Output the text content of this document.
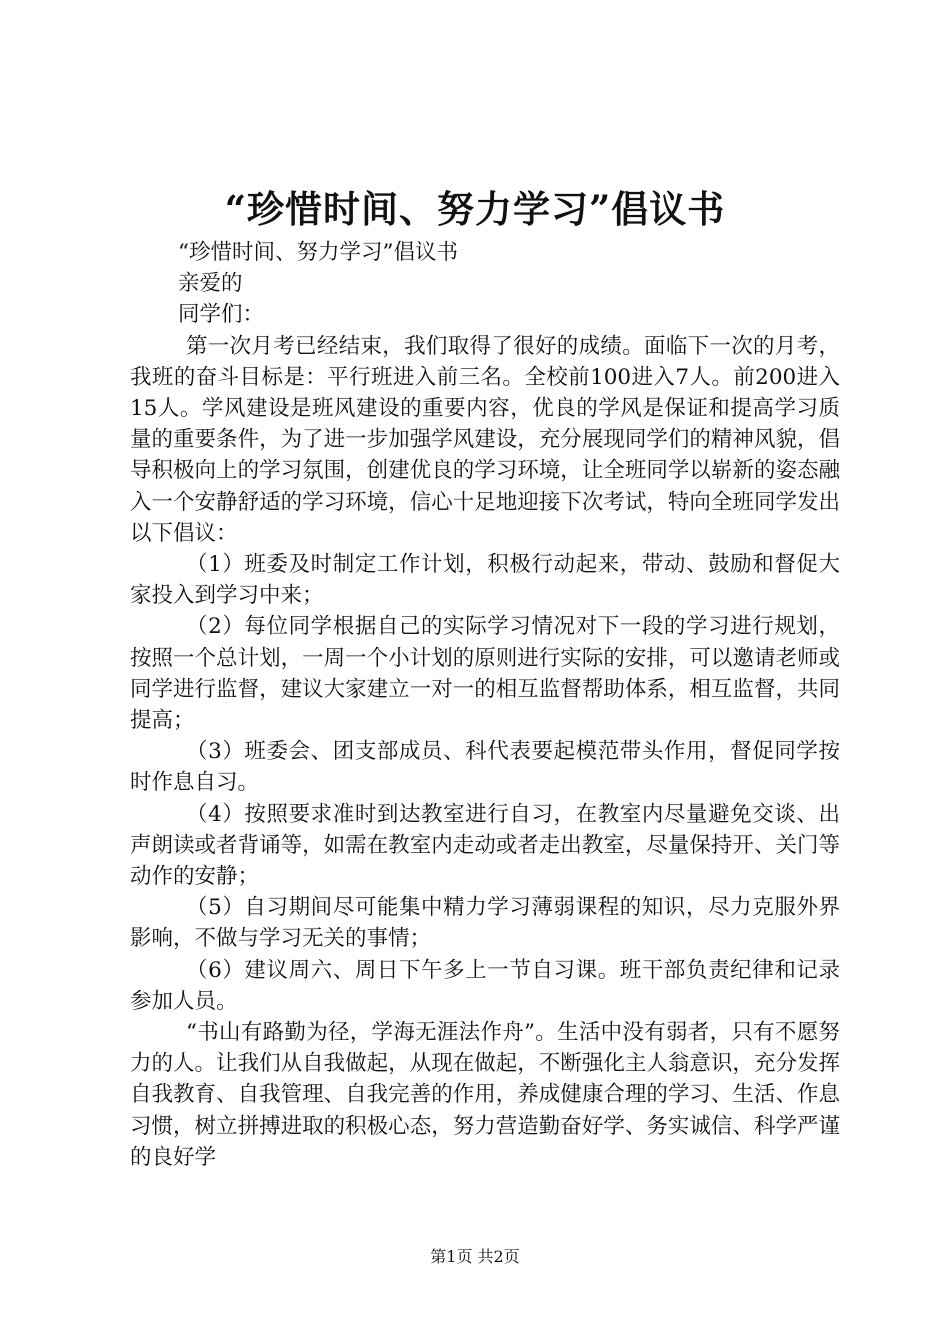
“珍惜时间、努力学习”倡议书

“珍惜时间、努力学习”倡议书

亲爱的

同学们：

第一次月考已经结束，我们取得了很好的成绩。面临下一次的月考，我班的奋斗目标是：平行班进入前三名。全校前100进入7人。前200进入15人。学风建设是班风建设的重要内容，优良的学风是保证和提高学习质量的重要条件，为了进一步加强学风建设，充分展现同学们的精神风貌，倡导积极向上的学习氛围，创建优良的学习环境，让全班同学以崭新的姿态融入一个安静舒适的学习环境，信心十足地迎接下次考试，特向全班同学发出以下倡议：

（1）班委及时制定工作计划，积极行动起来，带动、鼓励和督促大家投入到学习中来；

（2）每位同学根据自己的实际学习情况对下一段的学习进行规划，按照一个总计划，一周一个小计划的原则进行实际的安排，可以邀请老师或同学进行监督，建议大家建立一对一的相互监督帮助体系，相互监督，共同提高；

（3）班委会、团支部成员、科代表要起模范带头作用，督促同学按时作息自习。

（4）按照要求准时到达教室进行自习，在教室内尽量避免交谈、出声朗读或者背诵等，如需在教室内走动或者走出教室，尽量保持开、关门等动作的安静；

（5）自习期间尽可能集中精力学习薄弱课程的知识，尽力克服外界影响，不做与学习无关的事情；

（6）建议周六、周日下午多上一节自习课。班干部负责纪律和记录参加人员。

“书山有路勤为径，学海无涯法作舟”。生活中没有弱者，只有不愿努力的人。让我们从自我做起，从现在做起，不断强化主人翁意识，充分发挥自我教育、自我管理、自我完善的作用，养成健康合理的学习、生活、作息习惯，树立拼搏进取的积极心态，努力营造勤奋好学、务实诚信、科学严谨的良好学

第1页 共2页
